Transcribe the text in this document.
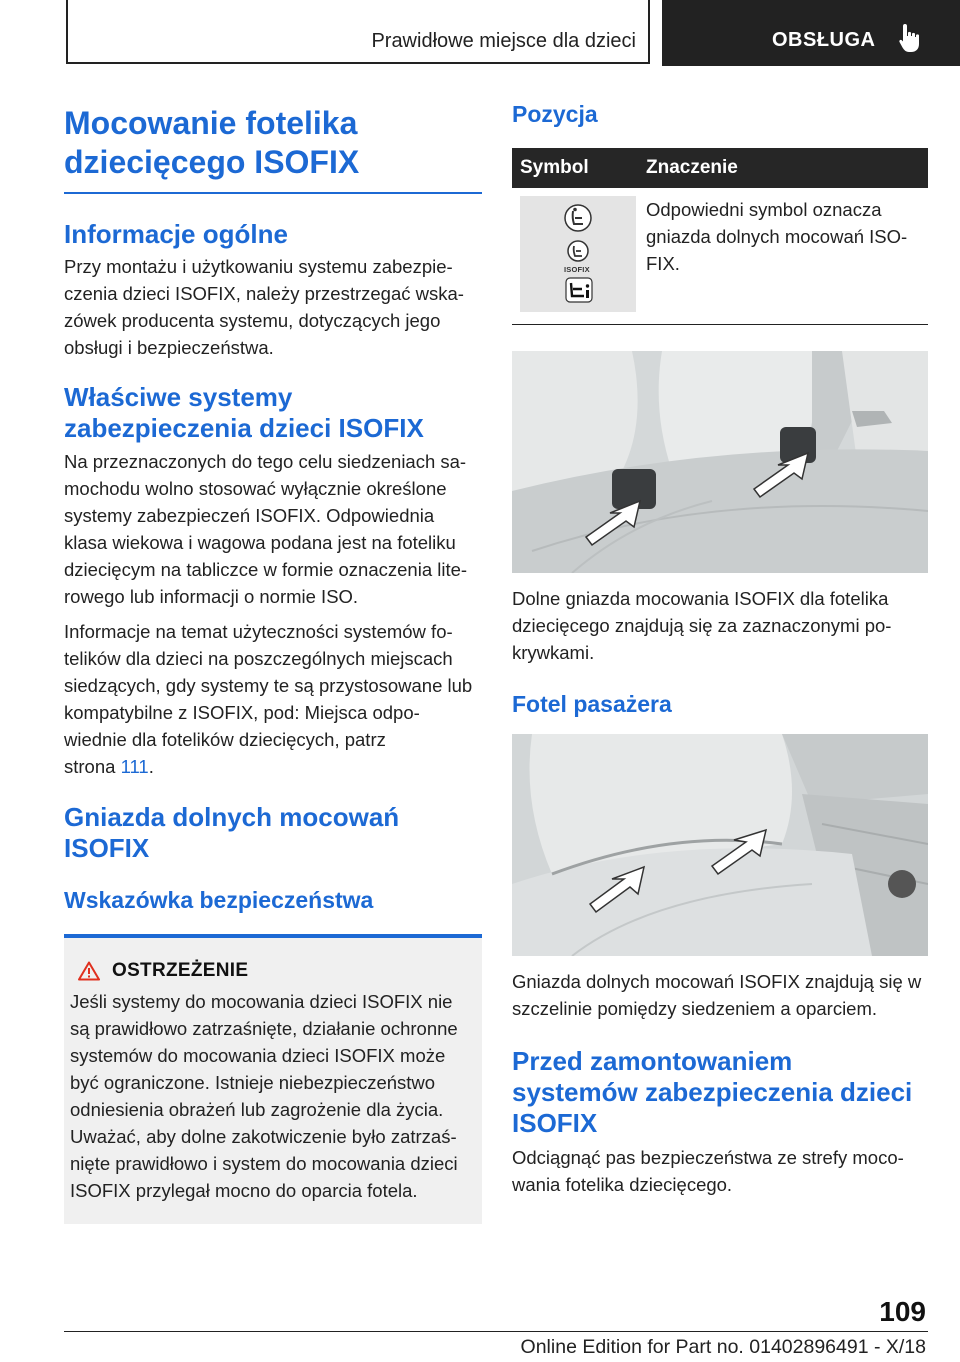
Prawidłowe miejsce dla dzieci	OBSŁUGA
Mocowanie fotelika
dziecięcego ISOFIX
Informacje ogólne
Przy montażu i użytkowaniu systemu zabezpie‐ czenia dzieci ISOFIX, należy przestrzegać wska‐ zówek producenta systemu, dotyczących jego obsługi i bezpieczeństwa.
Właściwe systemy
zabezpieczenia dzieci ISOFIX
Na przeznaczonych do tego celu siedzeniach sa‐ mochodu wolno stosować wyłącznie określone systemy zabezpieczeń ISOFIX. Odpowiednia klasa wiekowa i wagowa podana jest na foteliku dziecięcym na tabliczce w formie oznaczenia lite‐ rowego lub informacji o normie ISO.
Informacje na temat użyteczności systemów fo‐ telików dla dzieci na poszczególnych miejscach siedzących, gdy systemy te są przystosowane lub kompatybilne z ISOFIX, pod: Miejsca odpo‐ wiednie dla fotelików dziecięcych, patrz
strona 111.
Gniazda dolnych mocowań
ISOFIX
Wskazówka bezpieczeństwa
OSTRZEŻENIE
Jeśli systemy do mocowania dzieci ISOFIX nie są prawidłowo zatrzaśnięte, działanie ochronne systemów do mocowania dzieci ISOFIX może być ograniczone. Istnieje niebezpieczeństwo odniesienia obrażeń lub zagrożenie dla życia. Uważać, aby dolne zakotwiczenie było zatrzaś‐ nięte prawidłowo i system do mocowania dzieci ISOFIX przylegał mocno do oparcia fotela.
Pozycja
Symbol	Znaczenie
ISOFIX
Odpowiedni symbol oznacza gniazda dolnych mocowań ISO‐ FIX.
Dolne gniazda mocowania ISOFIX dla fotelika dziecięcego znajdują się za zaznaczonymi po‐ krywkami.
Fotel pasażera
Gniazda dolnych mocowań ISOFIX znajdują się w szczelinie pomiędzy siedzeniem a oparciem.
Przed zamontowaniem
systemów zabezpieczenia dzieci
ISOFIX
Odciągnąć pas bezpieczeństwa ze strefy moco‐ wania fotelika dziecięcego.
109
Online Edition for Part no. 01402896491 - X/18
